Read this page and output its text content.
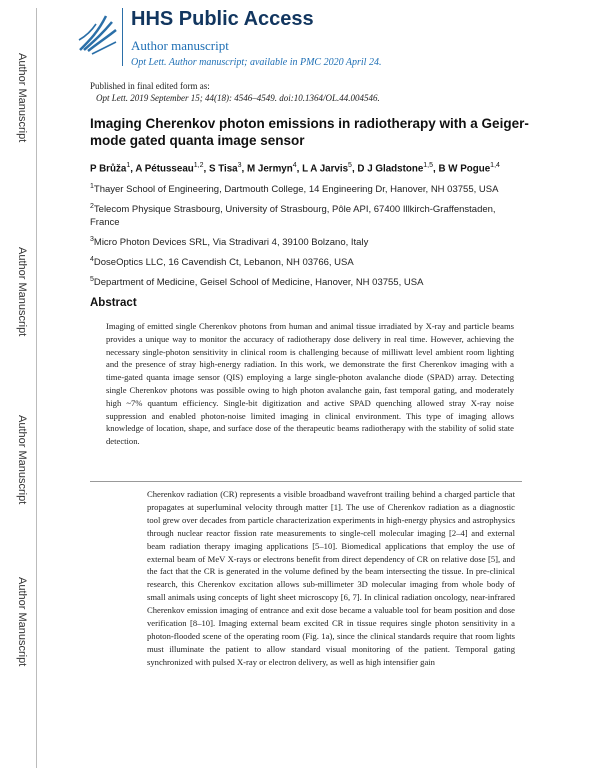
Author Manuscript
Author Manuscript
Author Manuscript
Author Manuscript
HHS Public Access
Author manuscript
Opt Lett. Author manuscript; available in PMC 2020 April 24.
Published in final edited form as:
Opt Lett. 2019 September 15; 44(18): 4546–4549. doi:10.1364/OL.44.004546.
Imaging Cherenkov photon emissions in radiotherapy with a Geiger-mode gated quanta image sensor
P Brůža$^1$, A Pétusseau$^{1,2}$, S Tisa$^3$, M Jermyn$^4$, L A Jarvis$^5$, D J Gladstone$^{1,5}$, B W Pogue$^{1,4}$
$^1$Thayer School of Engineering, Dartmouth College, 14 Engineering Dr, Hanover, NH 03755, USA
$^2$Telecom Physique Strasbourg, University of Strasbourg, Pôle API, 67400 Illkirch-Graffenstaden, France
$^3$Micro Photon Devices SRL, Via Stradivari 4, 39100 Bolzano, Italy
$^4$DoseOptics LLC, 16 Cavendish Ct, Lebanon, NH 03766, USA
$^5$Department of Medicine, Geisel School of Medicine, Hanover, NH 03755, USA
Abstract
Imaging of emitted single Cherenkov photons from human and animal tissue irradiated by X-ray and particle beams provides a unique way to monitor the accuracy of radiotherapy dose delivery in real time. However, achieving the necessary single-photon sensitivity in clinical room is challenging because of milliwatt level ambient room lighting and the presence of stray high-energy radiation. In this work, we demonstrate the first Cherenkov imaging with a time-gated quanta image sensor (QIS) employing a large single-photon avalanche diode (SPAD) array. Detecting single Cherenkov photons was possible owing to high photon avalanche gain, fast temporal gating, and moderately high ~7% quantum efficiency. Single-bit digitization and active SPAD quenching allowed stray X-ray noise suppression and enabled photon-noise limited imaging in clinical environment. This type of imaging allows knowledge of location, shape, and surface dose of the therapeutic beams radiotherapy with the stability of solid state detection.
Cherenkov radiation (CR) represents a visible broadband wavefront trailing behind a charged particle that propagates at superluminal velocity through matter [1]. The use of Cherenkov radiation as a diagnostic tool grew over decades from particle characterization experiments in high-energy physics and astrophysics through nuclear reactor fission rate measurements to single-cell molecular imaging [2–4] and external beam radiation therapy imaging applications [5–10]. Biomedical applications that employ the use of external beam of MeV X-rays or electrons benefit from direct dependency of CR on relative dose [5], and the fact that the CR is generated in the volume defined by the beam intersecting the tissue. In pre-clinical research, this Cherenkov excitation allows sub-millimeter 3D molecular imaging from whole body of small animals using concepts of light sheet microscopy [6, 7]. In clinical radiation oncology, near-infrared Cherenkov emission imaging of entrance and exit dose became a valuable tool for beam position and dose verification [8–10]. Imaging external beam excited CR in tissue requires single photon sensitivity in a photon-flooded scene of the operating room (Fig. 1a), since the clinical standards require that room lights must illuminate the patient to allow standard visual monitoring of the patient. Temporal gating synchronized with pulsed X-ray or electron delivery, as well as high intensifier gain
